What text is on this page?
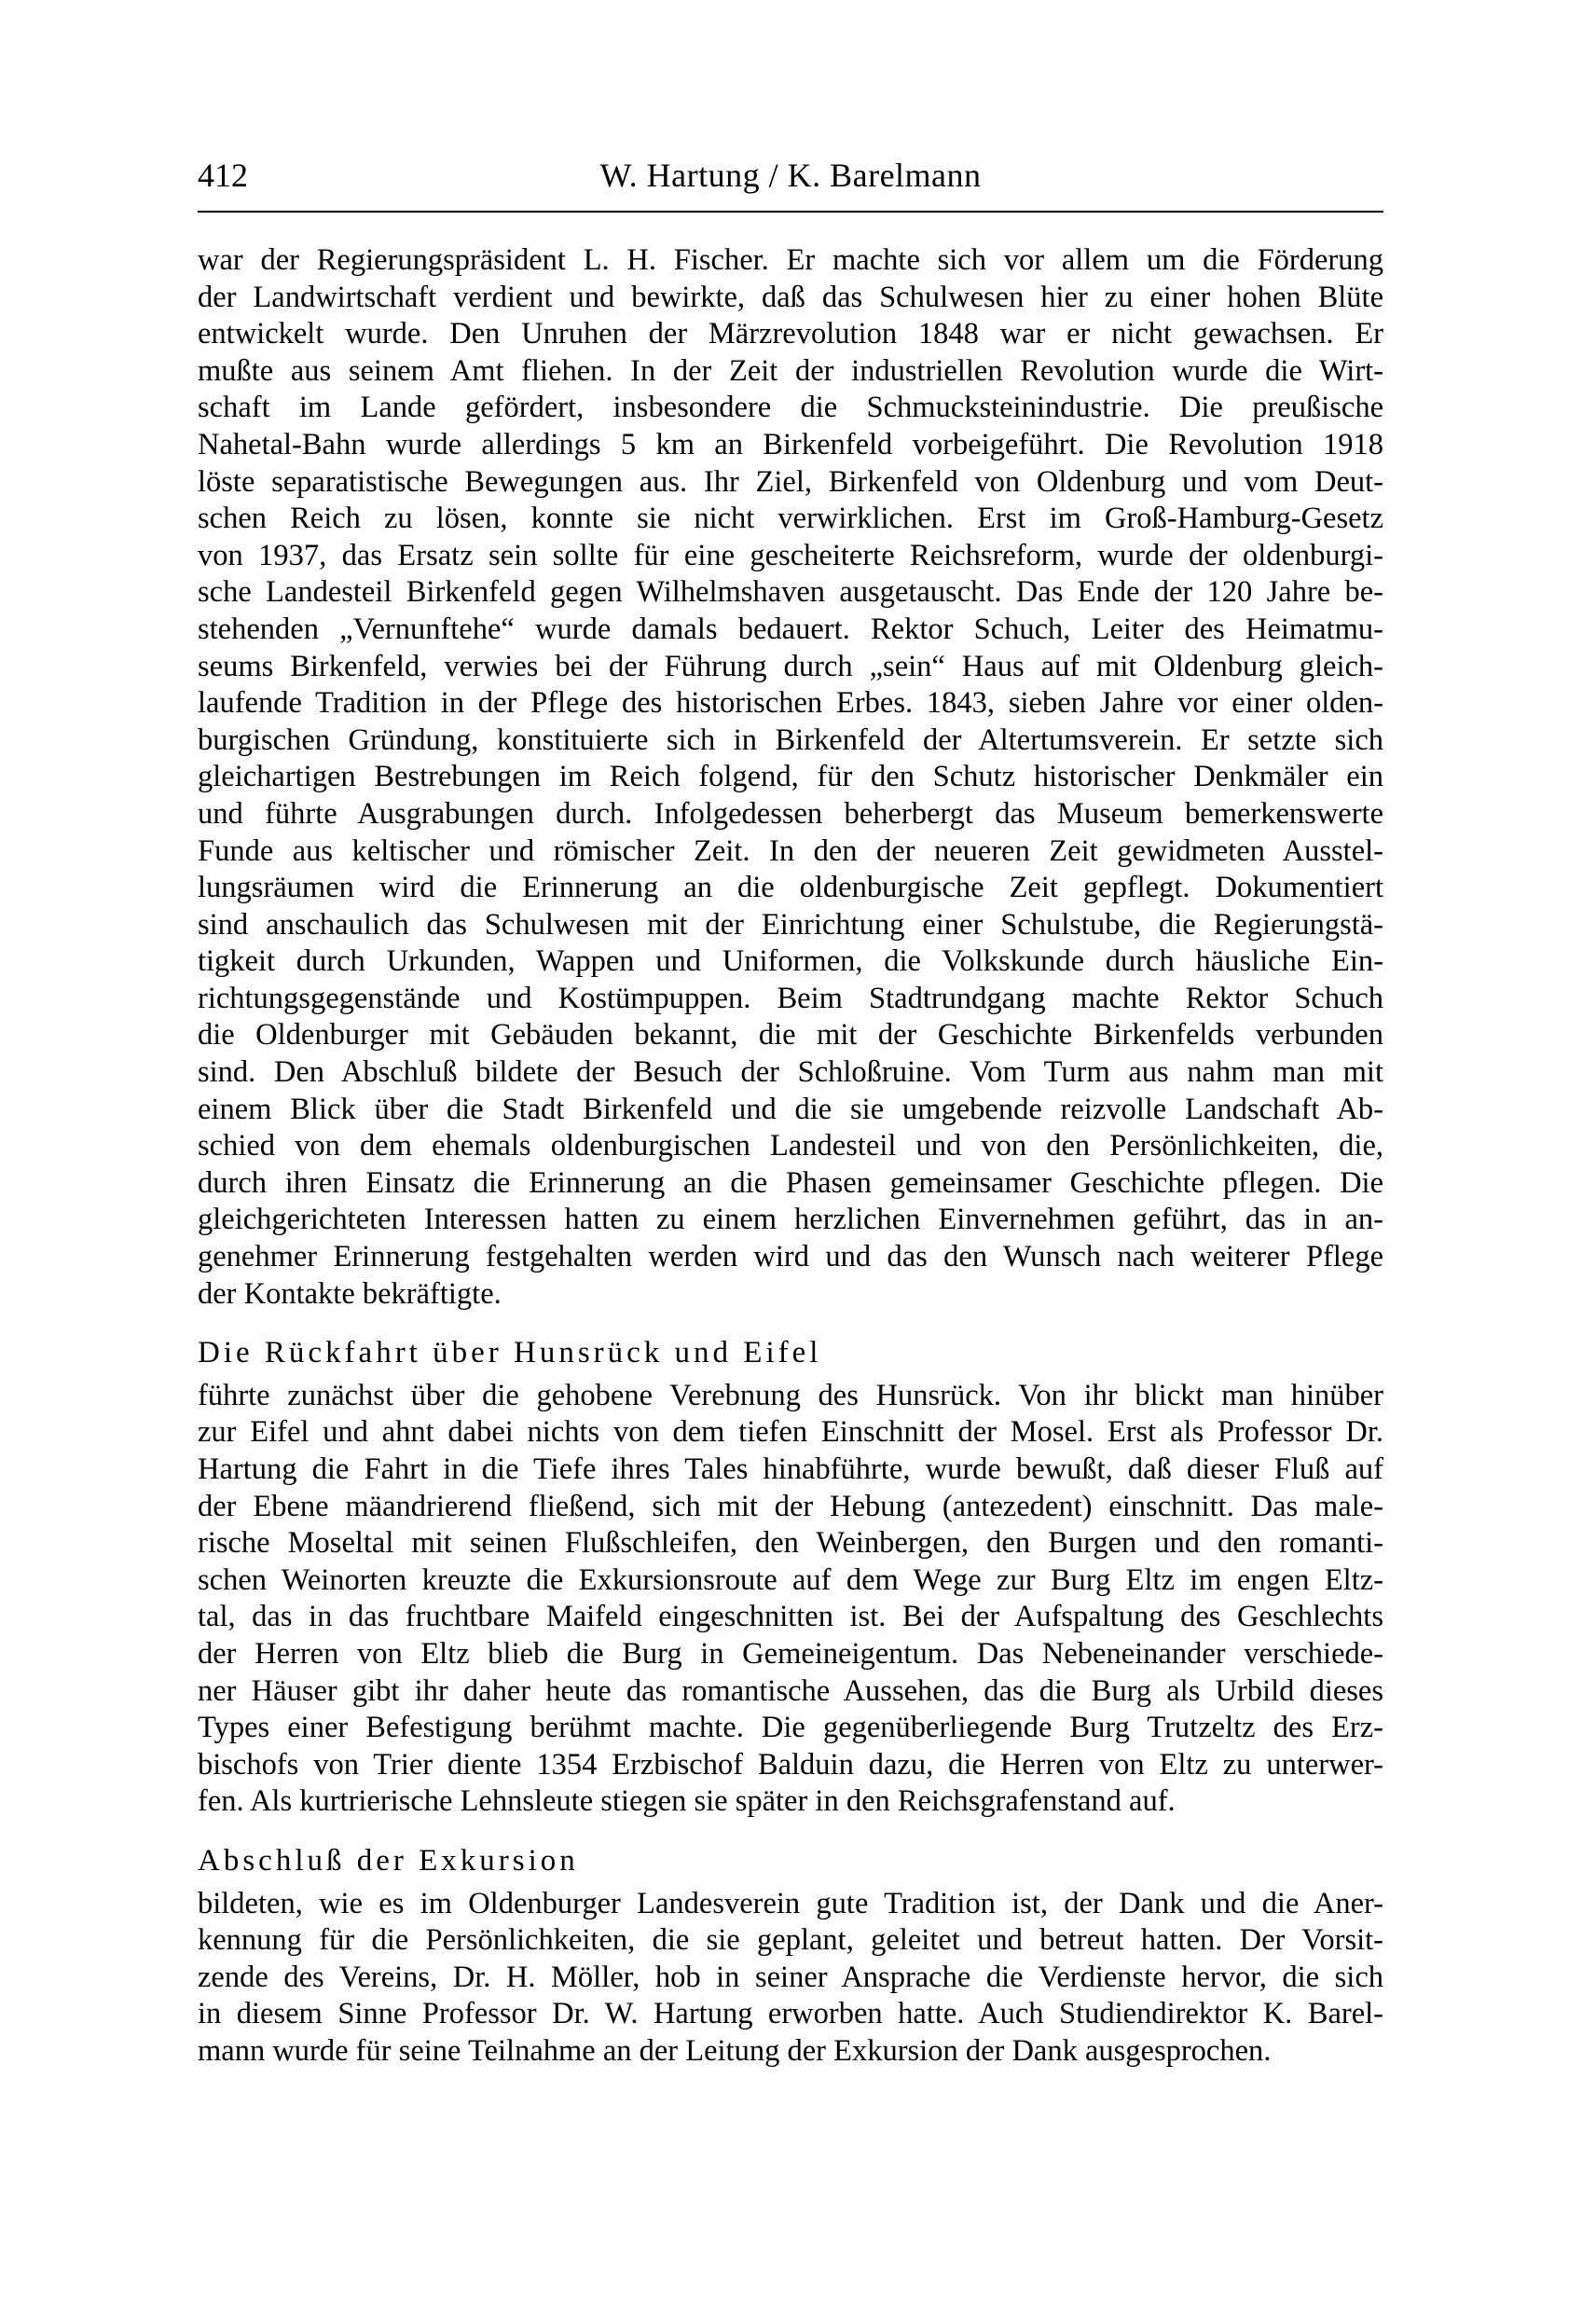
412	W. Hartung / K. Barelmann
war der Regierungspräsident L. H. Fischer. Er machte sich vor allem um die Förderung
der Landwirtschaft verdient und bewirkte, daß das Schulwesen hier zu einer hohen Blüte
entwickelt wurde. Den Unruhen der Märzrevolution 1848 war er nicht gewachsen. Er
mußte aus seinem Amt fliehen. In der Zeit der industriellen Revolution wurde die Wirt-
schaft im Lande gefördert, insbesondere die Schmucksteinindustrie. Die preußische
Nahetal-Bahn wurde allerdings 5 km an Birkenfeld vorbeigeführt. Die Revolution 1918
löste separatistische Bewegungen aus. Ihr Ziel, Birkenfeld von Oldenburg und vom Deut-
schen Reich zu lösen, konnte sie nicht verwirklichen. Erst im Groß-Hamburg-Gesetz
von 1937, das Ersatz sein sollte für eine gescheiterte Reichsreform, wurde der oldenburgi-
sche Landesteil Birkenfeld gegen Wilhelmshaven ausgetauscht. Das Ende der 120 Jahre be-
stehenden „Vernunftehe“ wurde damals bedauert. Rektor Schuch, Leiter des Heimatmu-
seums Birkenfeld, verwies bei der Führung durch „sein“ Haus auf mit Oldenburg gleich-
laufende Tradition in der Pflege des historischen Erbes. 1843, sieben Jahre vor einer olden-
burgischen Gründung, konstituierte sich in Birkenfeld der Altertumsverein. Er setzte sich
gleichartigen Bestrebungen im Reich folgend, für den Schutz historischer Denkmäler ein
und führte Ausgrabungen durch. Infolgedessen beherbergt das Museum bemerkenswerte
Funde aus keltischer und römischer Zeit. In den der neueren Zeit gewidmeten Ausstel-
lungsräumen wird die Erinnerung an die oldenburgische Zeit gepflegt. Dokumentiert
sind anschaulich das Schulwesen mit der Einrichtung einer Schulstube, die Regierungstä-
tigkeit durch Urkunden, Wappen und Uniformen, die Volkskunde durch häusliche Ein-
richtungsgegenstände und Kostümpuppen. Beim Stadtrundgang machte Rektor Schuch
die Oldenburger mit Gebäuden bekannt, die mit der Geschichte Birkenfelds verbunden
sind. Den Abschluß bildete der Besuch der Schloßruine. Vom Turm aus nahm man mit
einem Blick über die Stadt Birkenfeld und die sie umgebende reizvolle Landschaft Ab-
schied von dem ehemals oldenburgischen Landesteil und von den Persönlichkeiten, die,
durch ihren Einsatz die Erinnerung an die Phasen gemeinsamer Geschichte pflegen. Die
gleichgerichteten Interessen hatten zu einem herzlichen Einvernehmen geführt, das in an-
genehmer Erinnerung festgehalten werden wird und das den Wunsch nach weiterer Pflege
der Kontakte bekräftigte.
Die Rückfahrt über Hunsrück und Eifel
führte zunächst über die gehobene Verebnung des Hunsrück. Von ihr blickt man hinüber
zur Eifel und ahnt dabei nichts von dem tiefen Einschnitt der Mosel. Erst als Professor Dr.
Hartung die Fahrt in die Tiefe ihres Tales hinabführte, wurde bewußt, daß dieser Fluß auf
der Ebene mäandrierend fließend, sich mit der Hebung (antezedent) einschnitt. Das male-
rische Moseltal mit seinen Flußschleifen, den Weinbergen, den Burgen und den romanti-
schen Weinorten kreuzte die Exkursionsroute auf dem Wege zur Burg Eltz im engen Eltz-
tal, das in das fruchtbare Maifeld eingeschnitten ist. Bei der Aufspaltung des Geschlechts
der Herren von Eltz blieb die Burg in Gemeineigentum. Das Nebeneinander verschiede-
ner Häuser gibt ihr daher heute das romantische Aussehen, das die Burg als Urbild dieses
Types einer Befestigung berühmt machte. Die gegenüberliegende Burg Trutzeltz des Erz-
bischofs von Trier diente 1354 Erzbischof Balduin dazu, die Herren von Eltz zu unterwer-
fen. Als kurtrierische Lehnsleute stiegen sie später in den Reichsgrafenstand auf.
Abschluß der Exkursion
bildeten, wie es im Oldenburger Landesverein gute Tradition ist, der Dank und die Aner-
kennung für die Persönlichkeiten, die sie geplant, geleitet und betreut hatten. Der Vorsit-
zende des Vereins, Dr. H. Möller, hob in seiner Ansprache die Verdienste hervor, die sich
in diesem Sinne Professor Dr. W. Hartung erworben hatte. Auch Studiendirektor K. Barel-
mann wurde für seine Teilnahme an der Leitung der Exkursion der Dank ausgesprochen.
